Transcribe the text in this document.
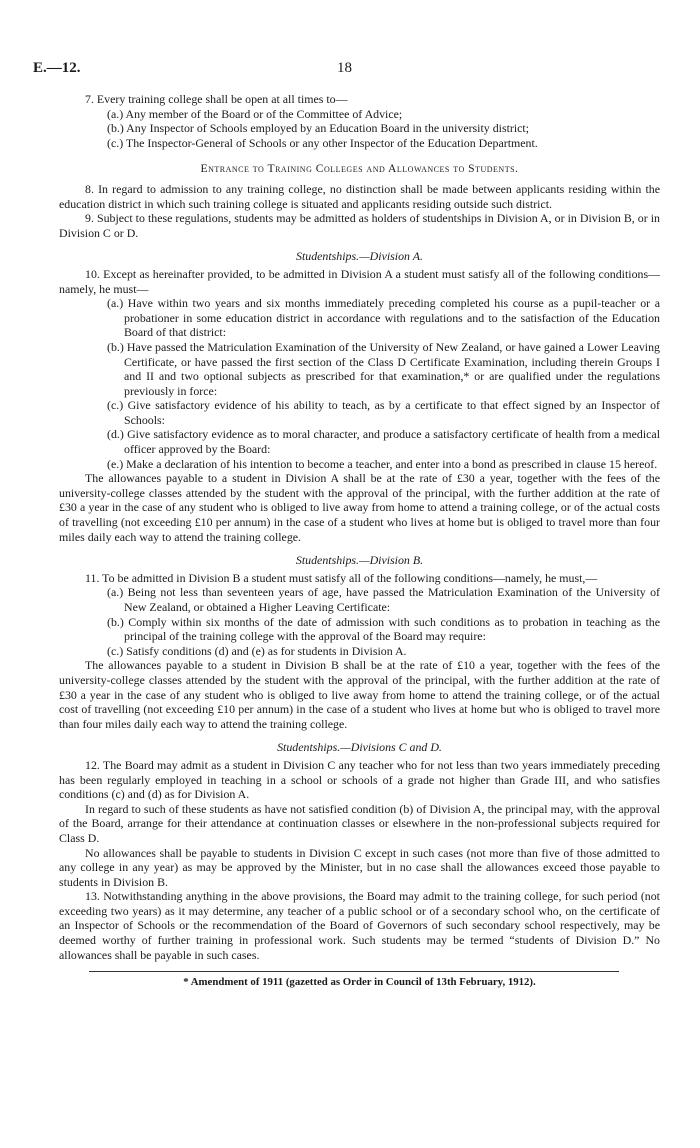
E.—12.	18

7. Every training college shall be open at all times to—

(a.) Any member of the Board or of the Committee of Advice;

(b.) Any Inspector of Schools employed by an Education Board in the university district;

(c.) The Inspector-General of Schools or any other Inspector of the Education Department.

Entrance to Training Colleges and Allowances to Students.

8. In regard to admission to any training college, no distinction shall be made between applicants residing within the education district in which such training college is situated and applicants residing outside such district.

9. Subject to these regulations, students may be admitted as holders of studentships in Division A, or in Division B, or in Division C or D.

Studentships.—Division A.

10. Except as hereinafter provided, to be admitted in Division A a student must satisfy all of the following conditions—namely, he must—

(a.) Have within two years and six months immediately preceding completed his course as a pupil-teacher or a probationer in some education district in accordance with regulations and to the satisfaction of the Education Board of that district:

(b.) Have passed the Matriculation Examination of the University of New Zealand, or have gained a Lower Leaving Certificate, or have passed the first section of the Class D Certificate Examination, including therein Groups I and II and two optional subjects as prescribed for that examination,* or are qualified under the regulations previously in force:

(c.) Give satisfactory evidence of his ability to teach, as by a certificate to that effect signed by an Inspector of Schools:

(d.) Give satisfactory evidence as to moral character, and produce a satisfactory certificate of health from a medical officer approved by the Board:

(e.) Make a declaration of his intention to become a teacher, and enter into a bond as prescribed in clause 15 hereof.

The allowances payable to a student in Division A shall be at the rate of £30 a year, together with the fees of the university-college classes attended by the student with the approval of the principal, with the further addition at the rate of £30 a year in the case of any student who is obliged to live away from home to attend a training college, or of the actual costs of travelling (not exceeding £10 per annum) in the case of a student who lives at home but is obliged to travel more than four miles daily each way to attend the training college.

Studentships.—Division B.

11. To be admitted in Division B a student must satisfy all of the following conditions—namely, he must,—

(a.) Being not less than seventeen years of age, have passed the Matriculation Examination of the University of New Zealand, or obtained a Higher Leaving Certificate:

(b.) Comply within six months of the date of admission with such conditions as to probation in teaching as the principal of the training college with the approval of the Board may require:

(c.) Satisfy conditions (d) and (e) as for students in Division A.

The allowances payable to a student in Division B shall be at the rate of £10 a year, together with the fees of the university-college classes attended by the student with the approval of the principal, with the further addition at the rate of £30 a year in the case of any student who is obliged to live away from home to attend the training college, or of the actual cost of travelling (not exceeding £10 per annum) in the case of a student who lives at home but who is obliged to travel more than four miles daily each way to attend the training college.

Studentships.—Divisions C and D.

12. The Board may admit as a student in Division C any teacher who for not less than two years immediately preceding has been regularly employed in teaching in a school or schools of a grade not higher than Grade III, and who satisfies conditions (c) and (d) as for Division A.

In regard to such of these students as have not satisfied condition (b) of Division A, the principal may, with the approval of the Board, arrange for their attendance at continuation classes or elsewhere in the non-professional subjects required for Class D.

No allowances shall be payable to students in Division C except in such cases (not more than five of those admitted to any college in any year) as may be approved by the Minister, but in no case shall the allowances exceed those payable to students in Division B.

13. Notwithstanding anything in the above provisions, the Board may admit to the training college, for such period (not exceeding two years) as it may determine, any teacher of a public school or of a secondary school who, on the certificate of an Inspector of Schools or the recommendation of the Board of Governors of such secondary school respectively, may be deemed worthy of further training in professional work. Such students may be termed “students of Division D.” No allowances shall be payable in such cases.

* Amendment of 1911 (gazetted as Order in Council of 13th February, 1912).
